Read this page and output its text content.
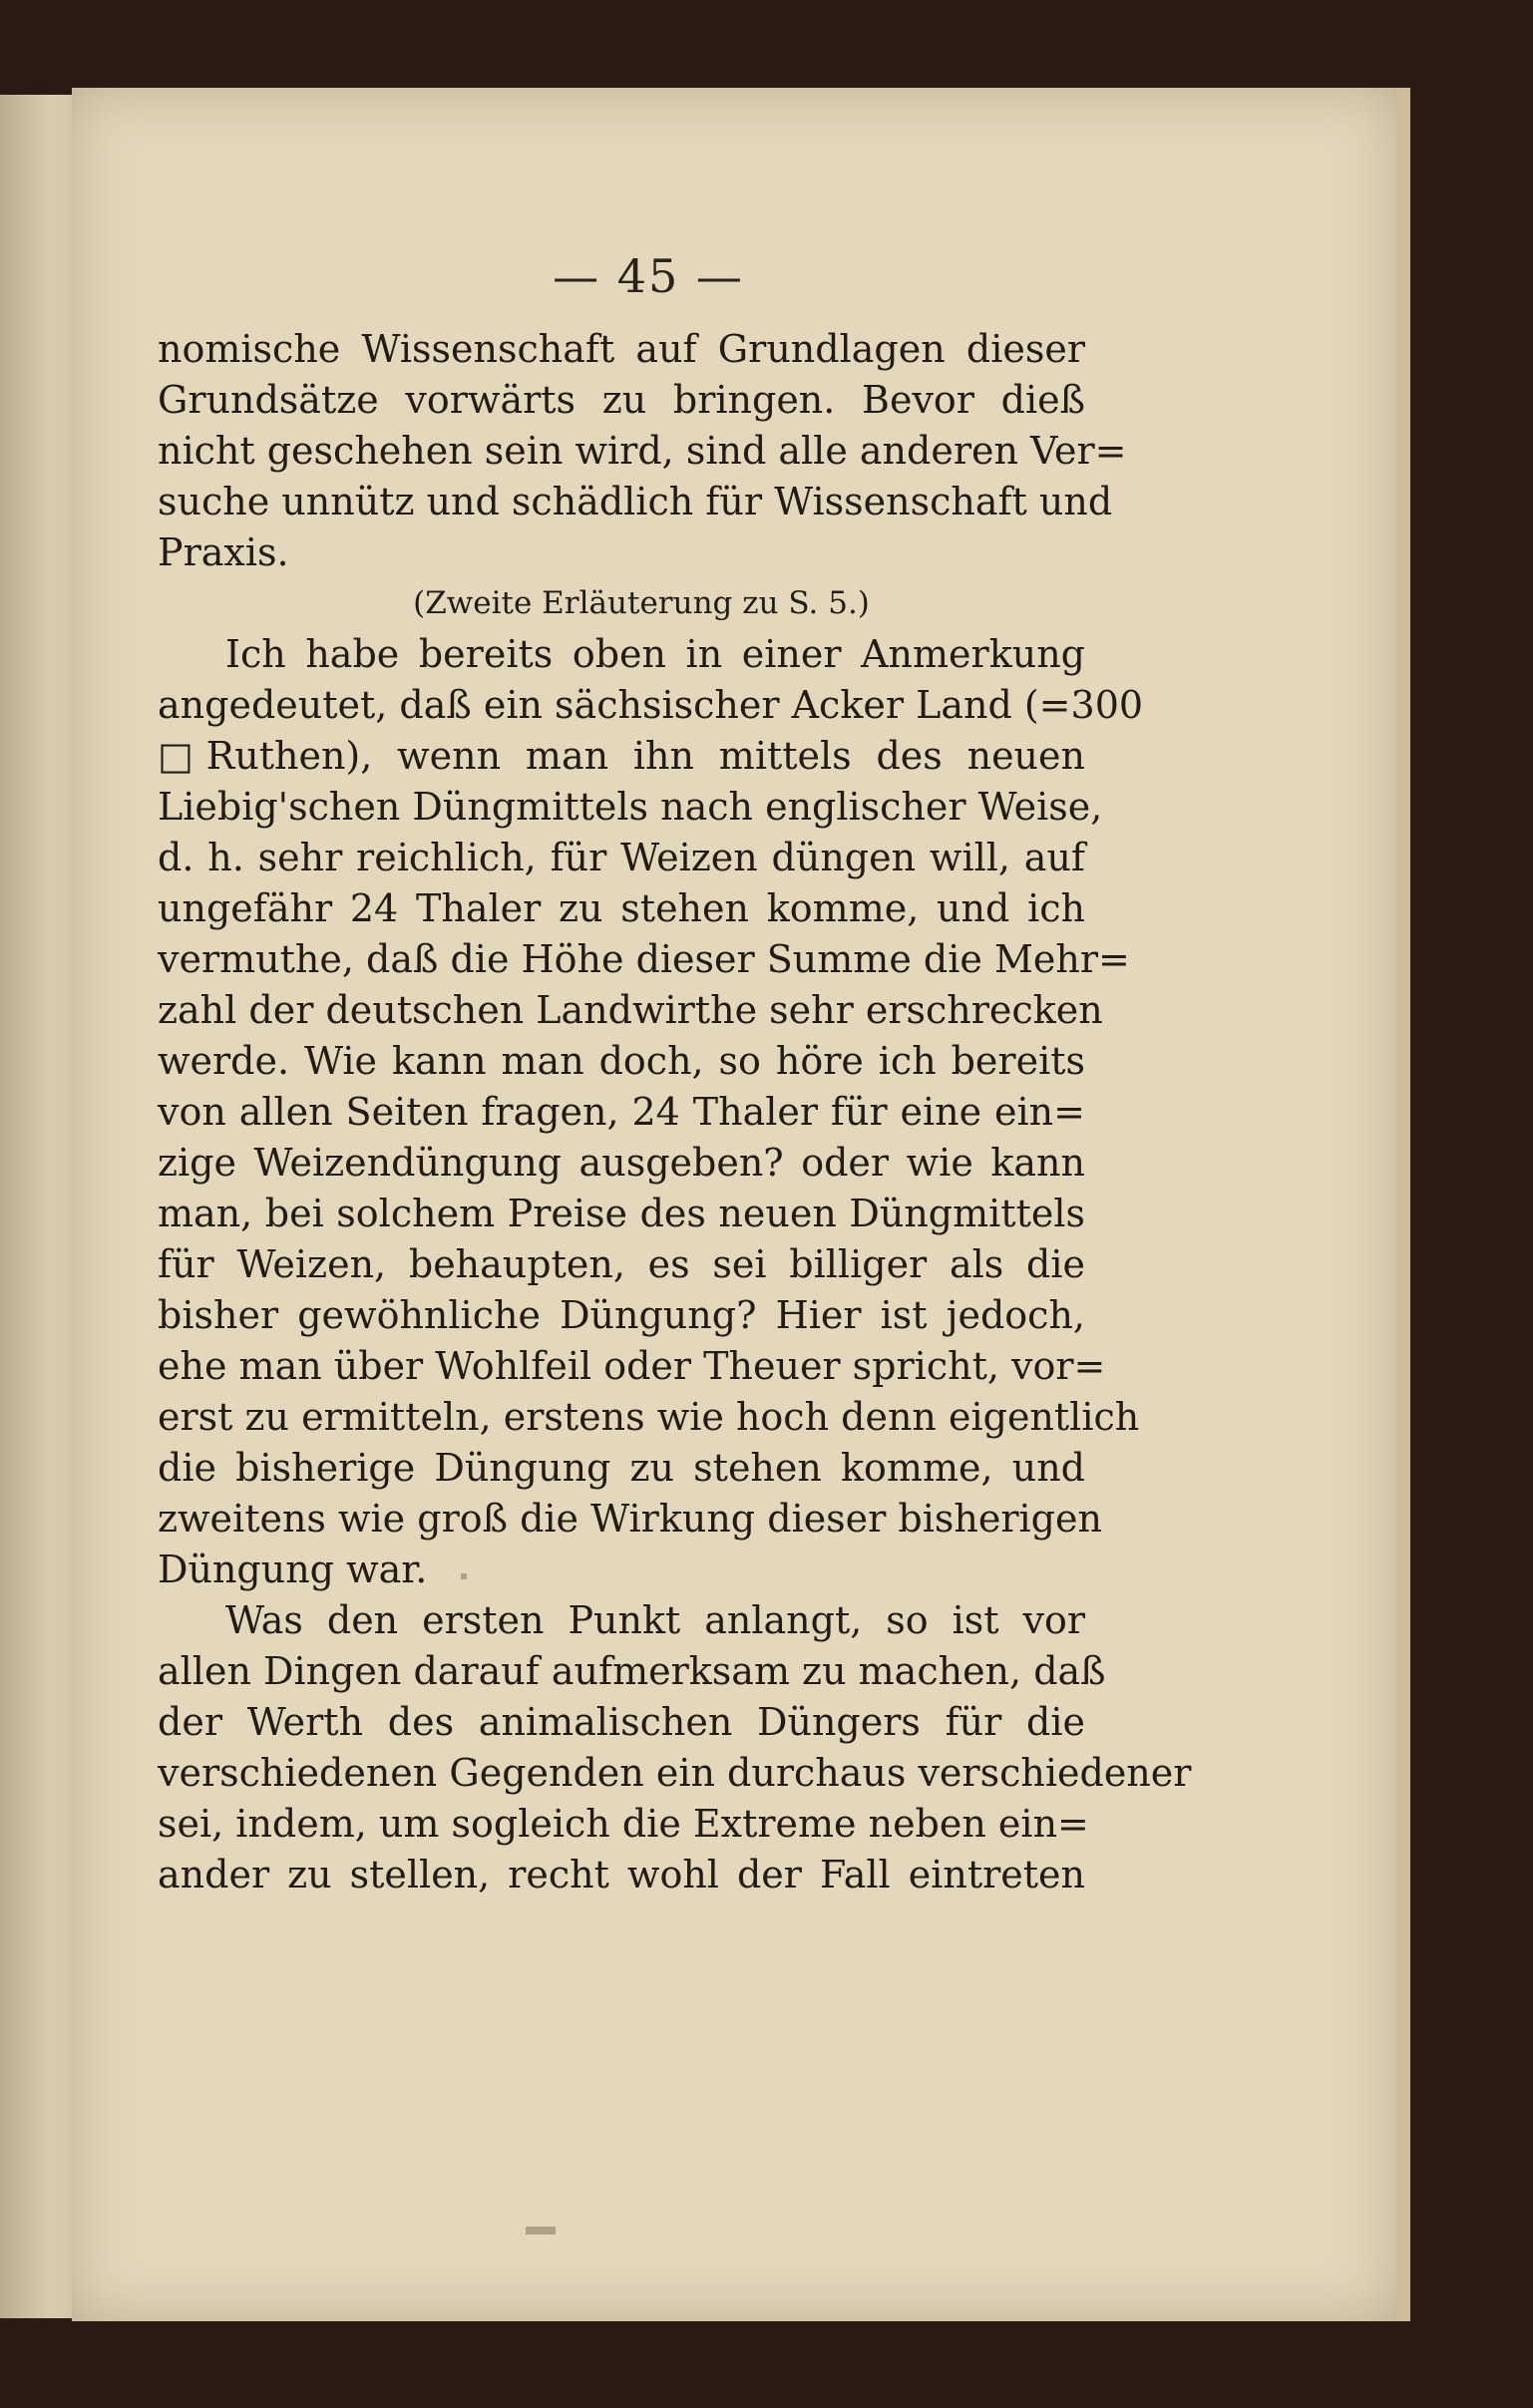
— 45 —
nomische Wissenschaft auf Grundlagen dieser
Grundsätze vorwärts zu bringen. Bevor dieß
nicht geschehen sein wird, sind alle anderen Ver=
suche unnütz und schädlich für Wissenschaft und
Praxis.
(Zweite Erläuterung zu S. 5.)
Ich habe bereits oben in einer Anmerkung
angedeutet, daß ein sächsischer Acker Land (=300
□Ruthen), wenn man ihn mittels des neuen
Liebig'schen Düngmittels nach englischer Weise,
d. h. sehr reichlich, für Weizen düngen will, auf
ungefähr 24 Thaler zu stehen komme, und ich
vermuthe, daß die Höhe dieser Summe die Mehr=
zahl der deutschen Landwirthe sehr erschrecken
werde. Wie kann man doch, so höre ich bereits
von allen Seiten fragen, 24 Thaler für eine ein=
zige Weizendüngung ausgeben? oder wie kann
man, bei solchem Preise des neuen Düngmittels
für Weizen, behaupten, es sei billiger als die
bisher gewöhnliche Düngung? Hier ist jedoch,
ehe man über Wohlfeil oder Theuer spricht, vor=
erst zu ermitteln, erstens wie hoch denn eigentlich
die bisherige Düngung zu stehen komme, und
zweitens wie groß die Wirkung dieser bisherigen
Düngung war.
Was den ersten Punkt anlangt, so ist vor
allen Dingen darauf aufmerksam zu machen, daß
der Werth des animalischen Düngers für die
verschiedenen Gegenden ein durchaus verschiedener
sei, indem, um sogleich die Extreme neben ein=
ander zu stellen, recht wohl der Fall eintreten
